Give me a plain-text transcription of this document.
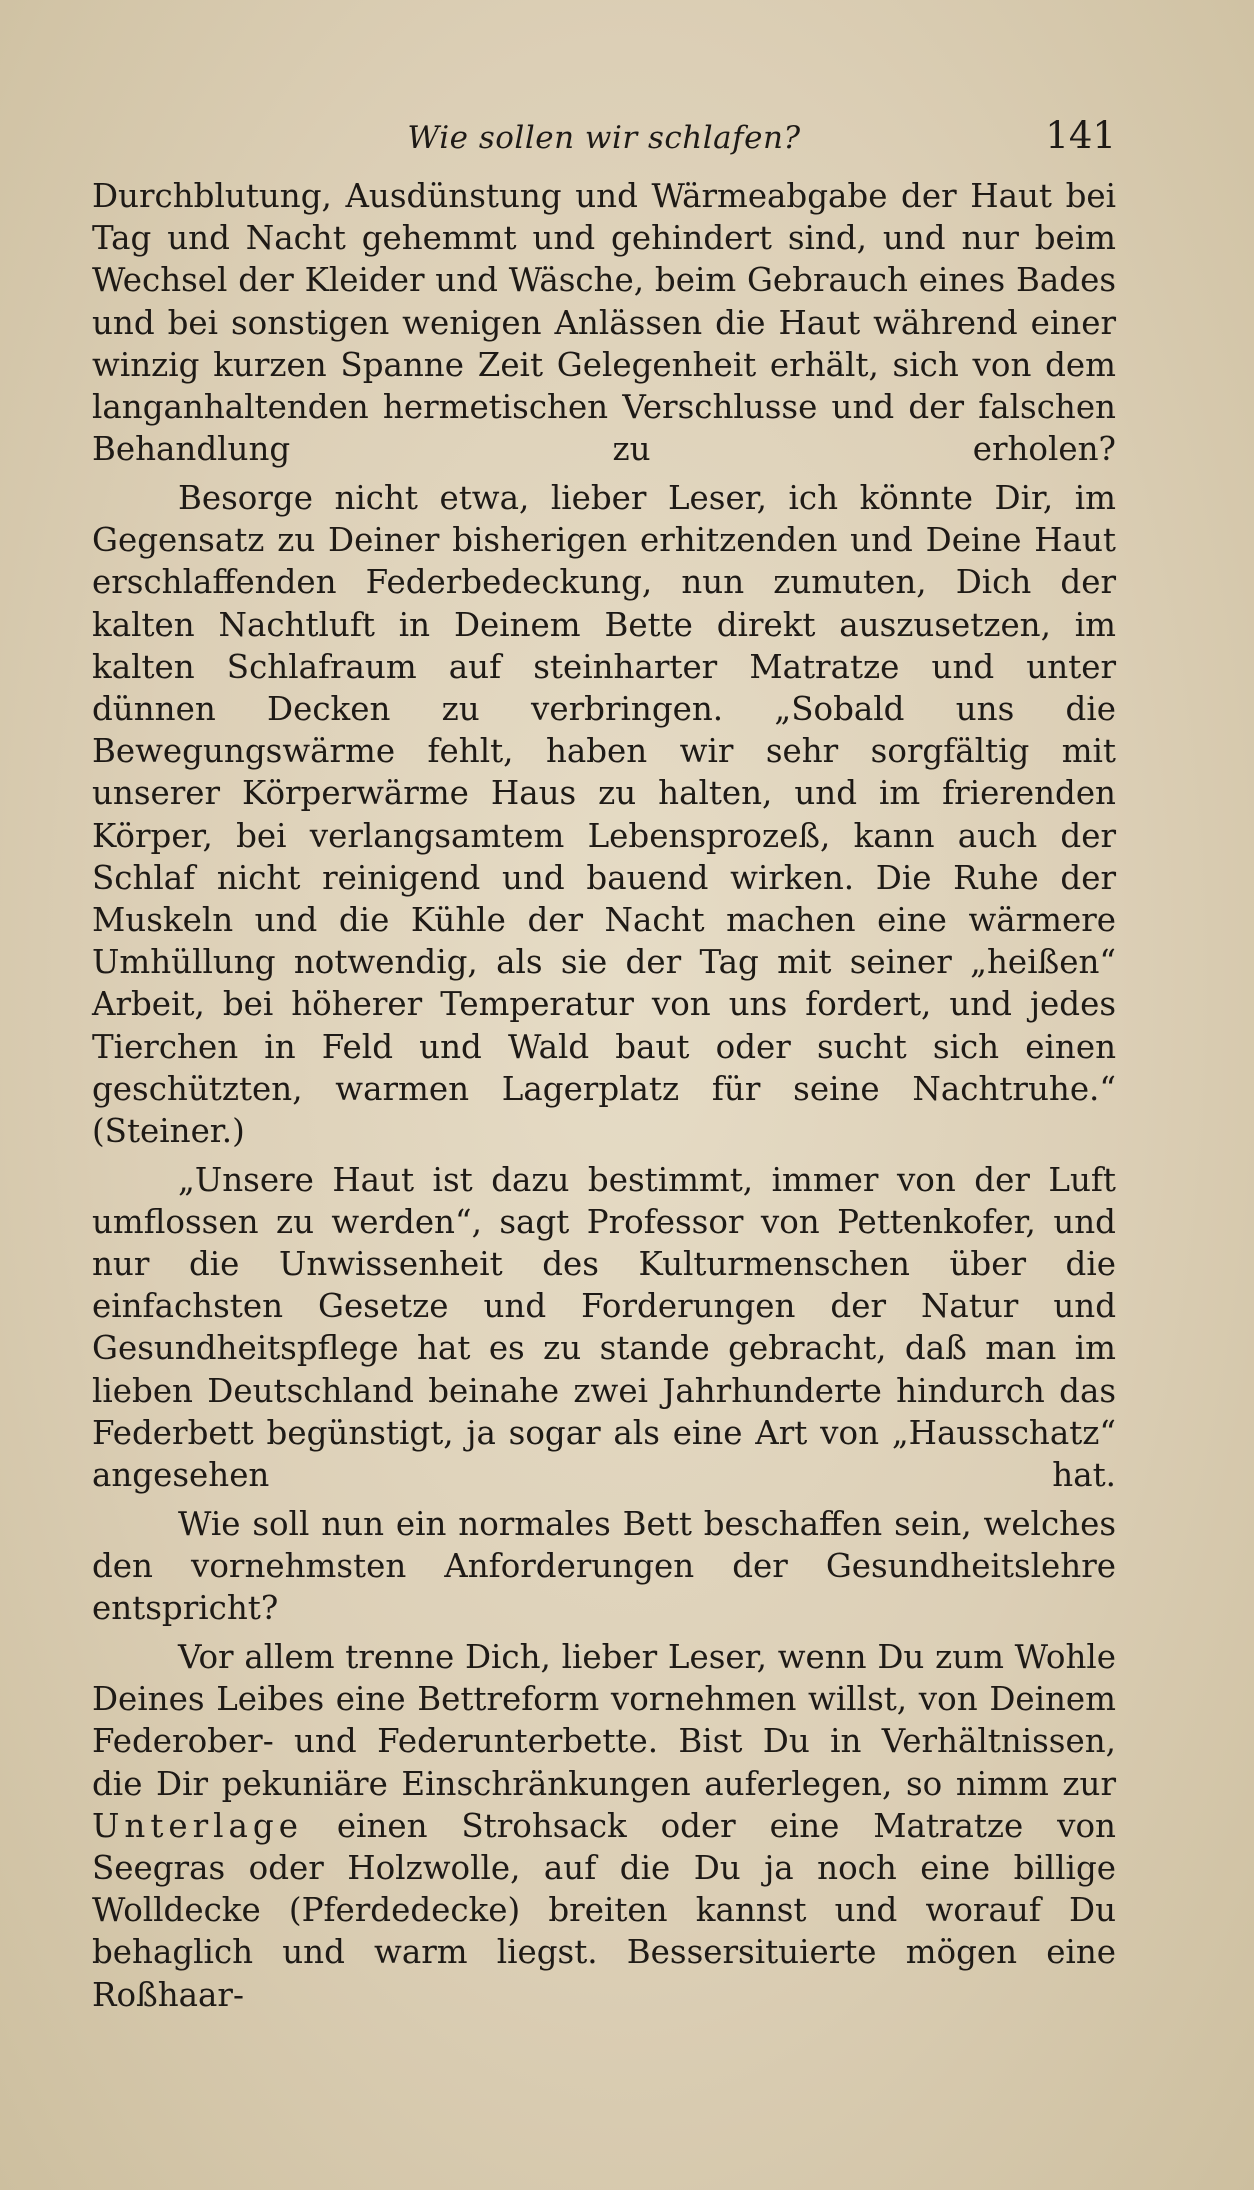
Wie sollen wir schlafen?	141

Durchblutung, Ausdünstung und Wärmeabgabe der Haut bei Tag und Nacht gehemmt und gehindert sind, und nur beim Wechsel der Kleider und Wäsche, beim Gebrauch eines Bades und bei sonstigen wenigen Anlässen die Haut während einer winzig kurzen Spanne Zeit Gelegenheit erhält, sich von dem langanhaltenden hermetischen Verschlusse und der falschen Behandlung zu erholen?

Besorge nicht etwa, lieber Leser, ich könnte Dir, im Gegensatz zu Deiner bisherigen erhitzenden und Deine Haut erschlaffenden Federbedeckung, nun zumuten, Dich der kalten Nachtluft in Deinem Bette direkt auszusetzen, im kalten Schlafraum auf steinharter Matratze und unter dünnen Decken zu verbringen. „Sobald uns die Bewegungswärme fehlt, haben wir sehr sorgfältig mit unserer Körperwärme Haus zu halten, und im frierenden Körper, bei verlangsamtem Lebensprozeß, kann auch der Schlaf nicht reinigend und bauend wirken. Die Ruhe der Muskeln und die Kühle der Nacht machen eine wärmere Umhüllung notwendig, als sie der Tag mit seiner „heißen“ Arbeit, bei höherer Temperatur von uns fordert, und jedes Tierchen in Feld und Wald baut oder sucht sich einen geschützten, warmen Lagerplatz für seine Nachtruhe.“ (Steiner.)

„Unsere Haut ist dazu bestimmt, immer von der Luft umflossen zu werden“, sagt Professor von Pettenkofer, und nur die Unwissenheit des Kulturmenschen über die einfachsten Gesetze und Forderungen der Natur und Gesundheitspflege hat es zu stande gebracht, daß man im lieben Deutschland beinahe zwei Jahrhunderte hindurch das Federbett begünstigt, ja sogar als eine Art von „Hausschatz“ angesehen hat.

Wie soll nun ein normales Bett beschaffen sein, welches den vornehmsten Anforderungen der Gesundheitslehre entspricht?

Vor allem trenne Dich, lieber Leser, wenn Du zum Wohle Deines Leibes eine Bettreform vornehmen willst, von Deinem Federober- und Federunterbette. Bist Du in Verhältnissen, die Dir pekuniäre Einschränkungen auferlegen, so nimm zur Unterlage einen Strohsack oder eine Matratze von Seegras oder Holzwolle, auf die Du ja noch eine billige Wolldecke (Pferdedecke) breiten kannst und worauf Du behaglich und warm liegst. Bessersituierte mögen eine Roßhaar-
